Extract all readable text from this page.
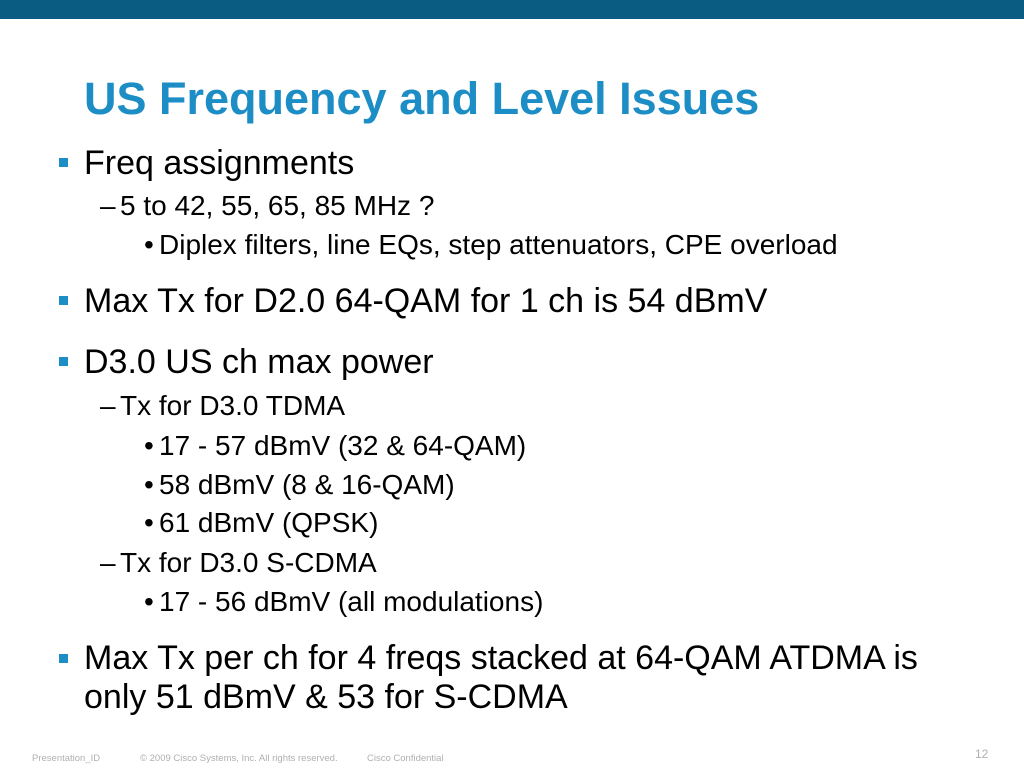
US Frequency and Level Issues
Freq assignments
– 5 to 42, 55, 65, 85 MHz ?
• Diplex filters, line EQs, step attenuators, CPE overload
Max Tx for D2.0 64-QAM for 1 ch is 54 dBmV
D3.0 US ch max power
– Tx for D3.0 TDMA
• 17 - 57 dBmV (32 & 64-QAM)
• 58 dBmV (8 & 16-QAM)
• 61 dBmV (QPSK)
– Tx for D3.0 S-CDMA
• 17 - 56 dBmV (all modulations)
Max Tx per ch for 4 freqs stacked at 64-QAM ATDMA is only 51 dBmV & 53 for S-CDMA
Presentation_ID	© 2009 Cisco Systems, Inc. All rights reserved.	Cisco Confidential	12
